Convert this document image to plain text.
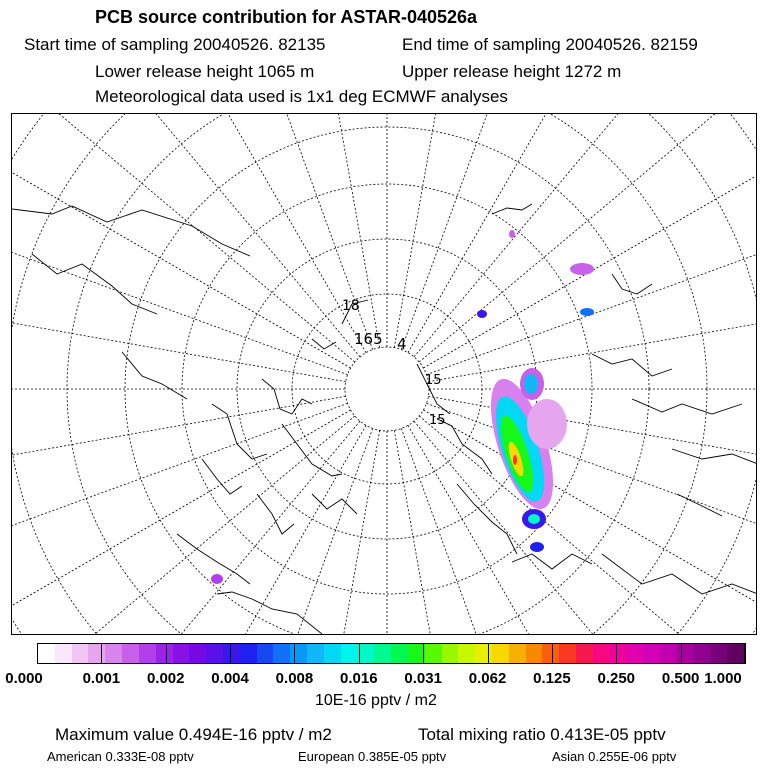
PCB source contribution for ASTAR-040526a
Start time of sampling 20040526. 82135	End time of sampling 20040526. 82159
Lower release height 1065 m	Upper release height 1272 m
Meteorological data used is 1x1 deg ECMWF analyses
18
165 4
15
15
0.000	0.001 0.002 0.004 0.008 0.016 0.031 0.062 0.125 0.250 0.500 1.000
10E-16 pptv / m2
Maximum value 0.494E-16 pptv / m2	Total mixing ratio 0.413E-05 pptv
American 0.333E-08 pptv	European 0.385E-05 pptv	Asian 0.255E-06 pptv
